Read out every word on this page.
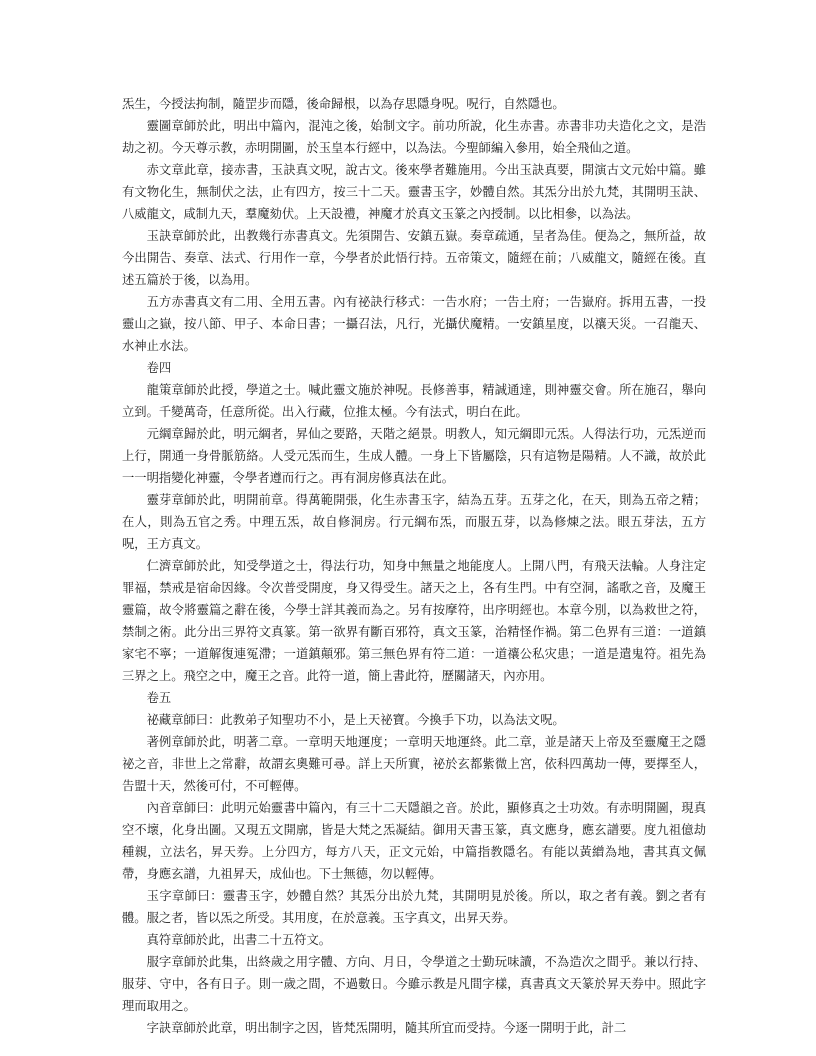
炁生，今授法拘制，隨罡步而隱，後命歸根，以為存思隱身呪。呪行，自然隱也。

靈圖章師於此，明出中篇內，混沌之後，始制文字。前功所說，化生赤書。赤書非功夫造化之文，是浩劫之初。今天尊示教，赤明開圖，於玉皇本行經中，以為法。今聖師編入參用，始全飛仙之道。

赤文章此章，接赤書，玉訣真文呪，說古文。後來學者難施用。今出玉訣真要，開演古文元始中篇。雖有文物化生，無制伏之法，止有四方，按三十二天。靈書玉字，妙體自然。其炁分出於九梵，其開明玉訣、八威龍文，咸制九天，羣魔劾伏。上天設禮，神魔才於真文玉篆之內授制。以比相參，以為法。

玉訣章師於此，出教幾行赤書真文。先須開告、安鎮五嶽。奏章疏通，呈者為佳。便為之，無所益，故今出開告、奏章、法式、行用作一章，今學者於此悟行持。五帝策文，隨經在前；八威龍文，隨經在後。直述五篇於于後，以為用。

五方赤書真文有二用、全用五書。內有祕訣行移式：一告水府；一告土府；一告嶽府。拆用五書，一投靈山之嶽，按八節、甲子、本命日書；一攝召法，凡行，光攝伏魔精。一安鎮星度，以禳天災。一召龍天、水神止水法。

卷四

龍策章師於此授，學道之士。喊此靈文施於神呪。長修善事，精誠通達，則神靈交會。所在施召，舉向立到。千變萬奇，任意所從。出入行藏，位推太極。今有法式，明白在此。

元綱章歸於此，明元綱者，昇仙之要路，天階之絕景。明教人，知元綱即元炁。人得法行功，元炁逆而上行，開通一身骨脈筋絡。人受元炁而生，生成人體。一身上下皆屬陰，只有這物是陽精。人不識，故於此一一明指變化神靈，令學者遵而行之。再有洞房修真法在此。

靈芽章師於此，明開前章。得萬範開張，化生赤書玉字，結為五芽。五芽之化，在天，則為五帝之精；在人，則為五官之秀。中理五炁，故自修洞房。行元綱布炁，而服五芽，以為修煉之法。眼五芽法，五方呪，王方真文。

仁濟章師於此，知受學道之士，得法行功，知身中無量之地能度人。上開八門，有飛天法輪。人身注定罪福，禁戒是宿命因緣。令次普受開度，身又得受生。諸天之上，各有生門。中有空洞，謠歌之音，及魔王靈篇，故令將靈篇之辭在後，今學士詳其義而為之。另有按摩符，出序明經也。本章今別，以為救世之符，禁制之術。此分出三界符文真篆。第一欲界有斷百邪符，真文玉篆，治精怪作禍。第二色界有三道：一道鎮家宅不寧；一道解復連冤滯；一道鎮顛邪。第三無色界有符二道：一道禳公私灾患；一道是遣鬼符。祖先為三界之上。飛空之中，魔王之音。此符一道，簡上書此符，歷關諸天，內亦用。

卷五

祕藏章師曰：此教弟子知聖功不小，是上天祕寶。今換手下功，以為法文呪。

著例章師於此，明著二章。一章明天地運度；一章明天地運終。此二章，並是諸天上帝及至靈魔王之隱祕之音，非世上之常辭，故謂玄奧難可尋。詳上天所實，祕於玄都紫微上宮，依科四萬劫一傳，要擇至人，告盟十天，然後可付，不可輕傳。

內音章師曰：此明元始靈書中篇內，有三十二天隱韻之音。於此，顯修真之士功效。有赤明開圖，現真空不壞，化身出圖。又現五文開廓，皆是大梵之炁凝結。御用天書玉篆，真文應身，應玄譜要。度九祖億劫種親，立法名，昇天券。上分四方，每方八天，正文元始，中篇指教隱名。有能以黃繒為地，書其真文佩帶，身應玄譜，九祖昇天，成仙也。下士無德，勿以輕傳。

玉字章師曰：靈書玉字，妙體自然？其炁分出於九梵，其開明見於後。所以，取之者有義。劉之者有體。服之者，皆以炁之所受。其用度，在於意義。玉字真文，出昇天券。

真符章師於此，出書二十五符文。

服字章師於此集，出終歲之用字體、方向、月日，令學道之士勤玩味讀，不為造次之間乎。兼以行持、服芽、守中，各有日子。則一歲之間，不過數日。今雖示教是凡間字樣，真書真文天篆於昇天券中。照此字理而取用之。

字訣章師於此章，明出制字之因，皆梵炁開明，隨其所宜而受持。今逐一開明于此，計二
